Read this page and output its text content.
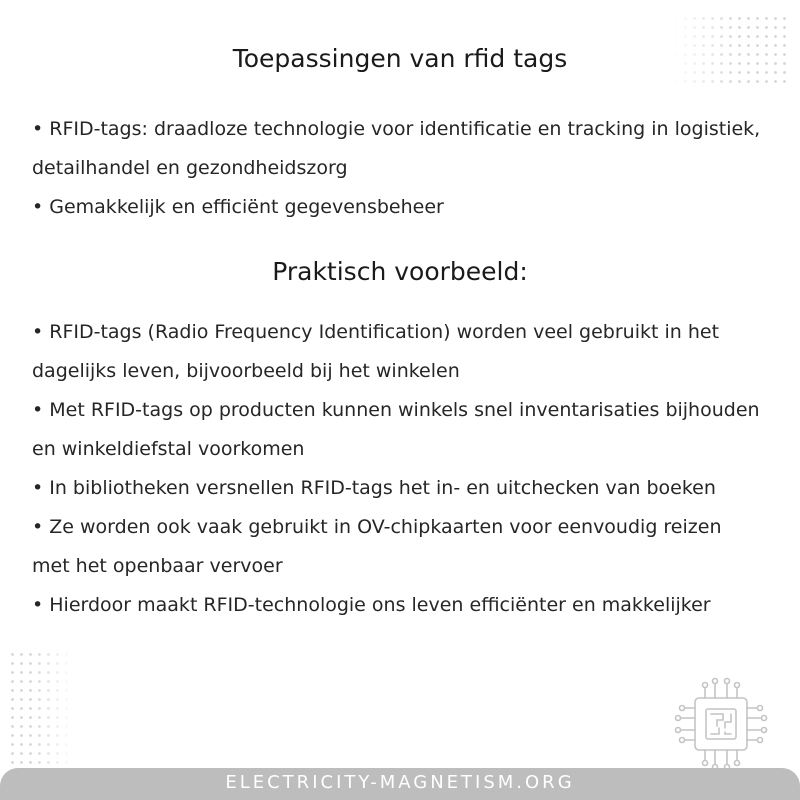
Toepassingen van rfid tags
• RFID-tags: draadloze technologie voor identificatie en tracking in logistiek, detailhandel en gezondheidszorg
• Gemakkelijk en efficiënt gegevensbeheer
Praktisch voorbeeld:
• RFID-tags (Radio Frequency Identification) worden veel gebruikt in het dagelijks leven, bijvoorbeeld bij het winkelen
• Met RFID-tags op producten kunnen winkels snel inventarisaties bijhouden en winkeldiefstal voorkomen
• In bibliotheken versnellen RFID-tags het in- en uitchecken van boeken
• Ze worden ook vaak gebruikt in OV-chipkaarten voor eenvoudig reizen met het openbaar vervoer
• Hierdoor maakt RFID-technologie ons leven efficiënter en makkelijker
ELECTRICITY-MAGNETISM.ORG
